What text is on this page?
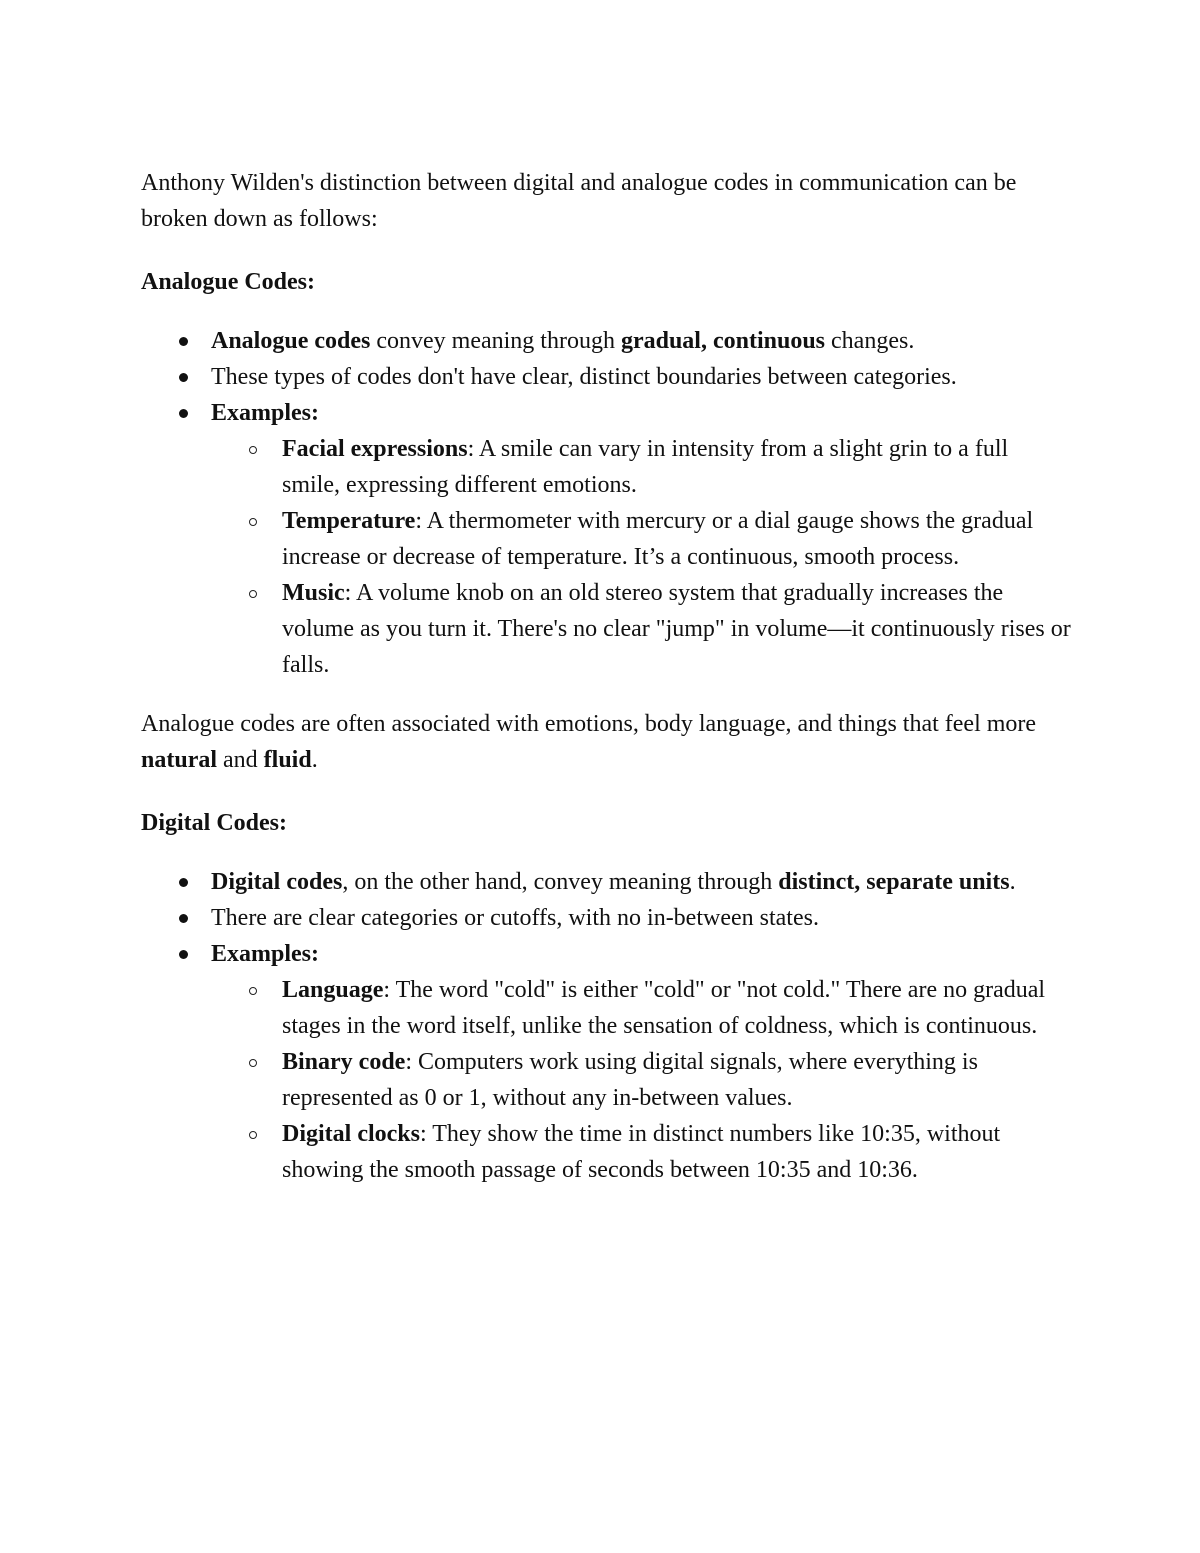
Anthony Wilden's distinction between digital and analogue codes in communication can be broken down as follows:

Analogue Codes:

Analogue codes convey meaning through gradual, continuous changes.
These types of codes don't have clear, distinct boundaries between categories.
Examples:
Facial expressions: A smile can vary in intensity from a slight grin to a full smile, expressing different emotions.
Temperature: A thermometer with mercury or a dial gauge shows the gradual increase or decrease of temperature. It’s a continuous, smooth process.
Music: A volume knob on an old stereo system that gradually increases the volume as you turn it. There's no clear "jump" in volume—it continuously rises or falls.

Analogue codes are often associated with emotions, body language, and things that feel more natural and fluid.

Digital Codes:

Digital codes, on the other hand, convey meaning through distinct, separate units.
There are clear categories or cutoffs, with no in-between states.
Examples:
Language: The word "cold" is either "cold" or "not cold." There are no gradual stages in the word itself, unlike the sensation of coldness, which is continuous.
Binary code: Computers work using digital signals, where everything is represented as 0 or 1, without any in-between values.
Digital clocks: They show the time in distinct numbers like 10:35, without showing the smooth passage of seconds between 10:35 and 10:36.
